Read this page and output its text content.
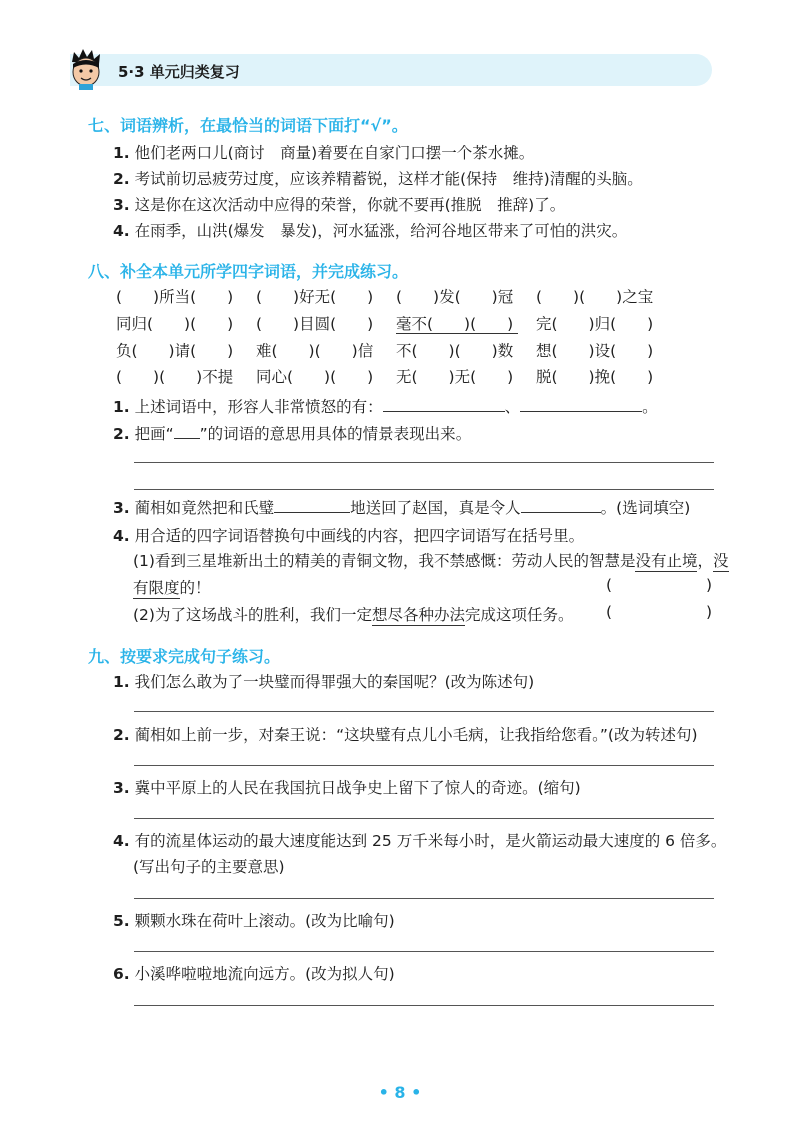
5·3 单元归类复习
七、词语辨析，在最恰当的词语下面打“√”。
1. 他们老两口儿(商讨　商量)着要在自家门口摆一个茶水摊。
2. 考试前切忌疲劳过度，应该养精蓄锐，这样才能(保持　维持)清醒的头脑。
3. 这是你在这次活动中应得的荣誉，你就不要再(推脱　推辞)了。
4. 在雨季，山洪(爆发　暴发)，河水猛涨，给河谷地区带来了可怕的洪灾。
八、补全本单元所学四字词语，并完成练习。
(　　)所当(　　) (　　)好无(　　) (　　)发(　　)冠 (　　)(　　)之宝
同归(　　)(　　) (　　)目圆(　　) 毫不(　　)(　　) 完(　　)归(　　)
负(　　)请(　　) 难(　　)(　　)信 不(　　)(　　)数 想(　　)设(　　)
(　　)(　　)不提 同心(　　)(　　) 无(　　)无(　　) 脱(　　)挽(　　)
1. 上述词语中，形容人非常愤怒的有：	、	。
2. 把画“ ”的词语的意思用具体的情景表现出来。
3. 蔺相如竟然把和氏璧	地送回了赵国，真是令人	。(选词填空)
4. 用合适的四字词语替换句中画线的内容，把四字词语写在括号里。
(1)看到三星堆新出土的精美的青铜文物，我不禁感慨：劳动人民的智慧是没有止境，没
有限度的！	(	)
(2)为了这场战斗的胜利，我们一定想尽各种办法完成这项任务。 (	)
九、按要求完成句子练习。
1. 我们怎么敢为了一块璧而得罪强大的秦国呢？(改为陈述句)
2. 蔺相如上前一步，对秦王说：“这块璧有点儿小毛病，让我指给您看。”(改为转述句)
3. 冀中平原上的人民在我国抗日战争史上留下了惊人的奇迹。(缩句)
4. 有的流星体运动的最大速度能达到 25 万千米每小时，是火箭运动最大速度的 6 倍多。
(写出句子的主要意思)
5. 颗颗水珠在荷叶上滚动。(改为比喻句)
6. 小溪哗啦啦地流向远方。(改为拟人句)
• 8 •
